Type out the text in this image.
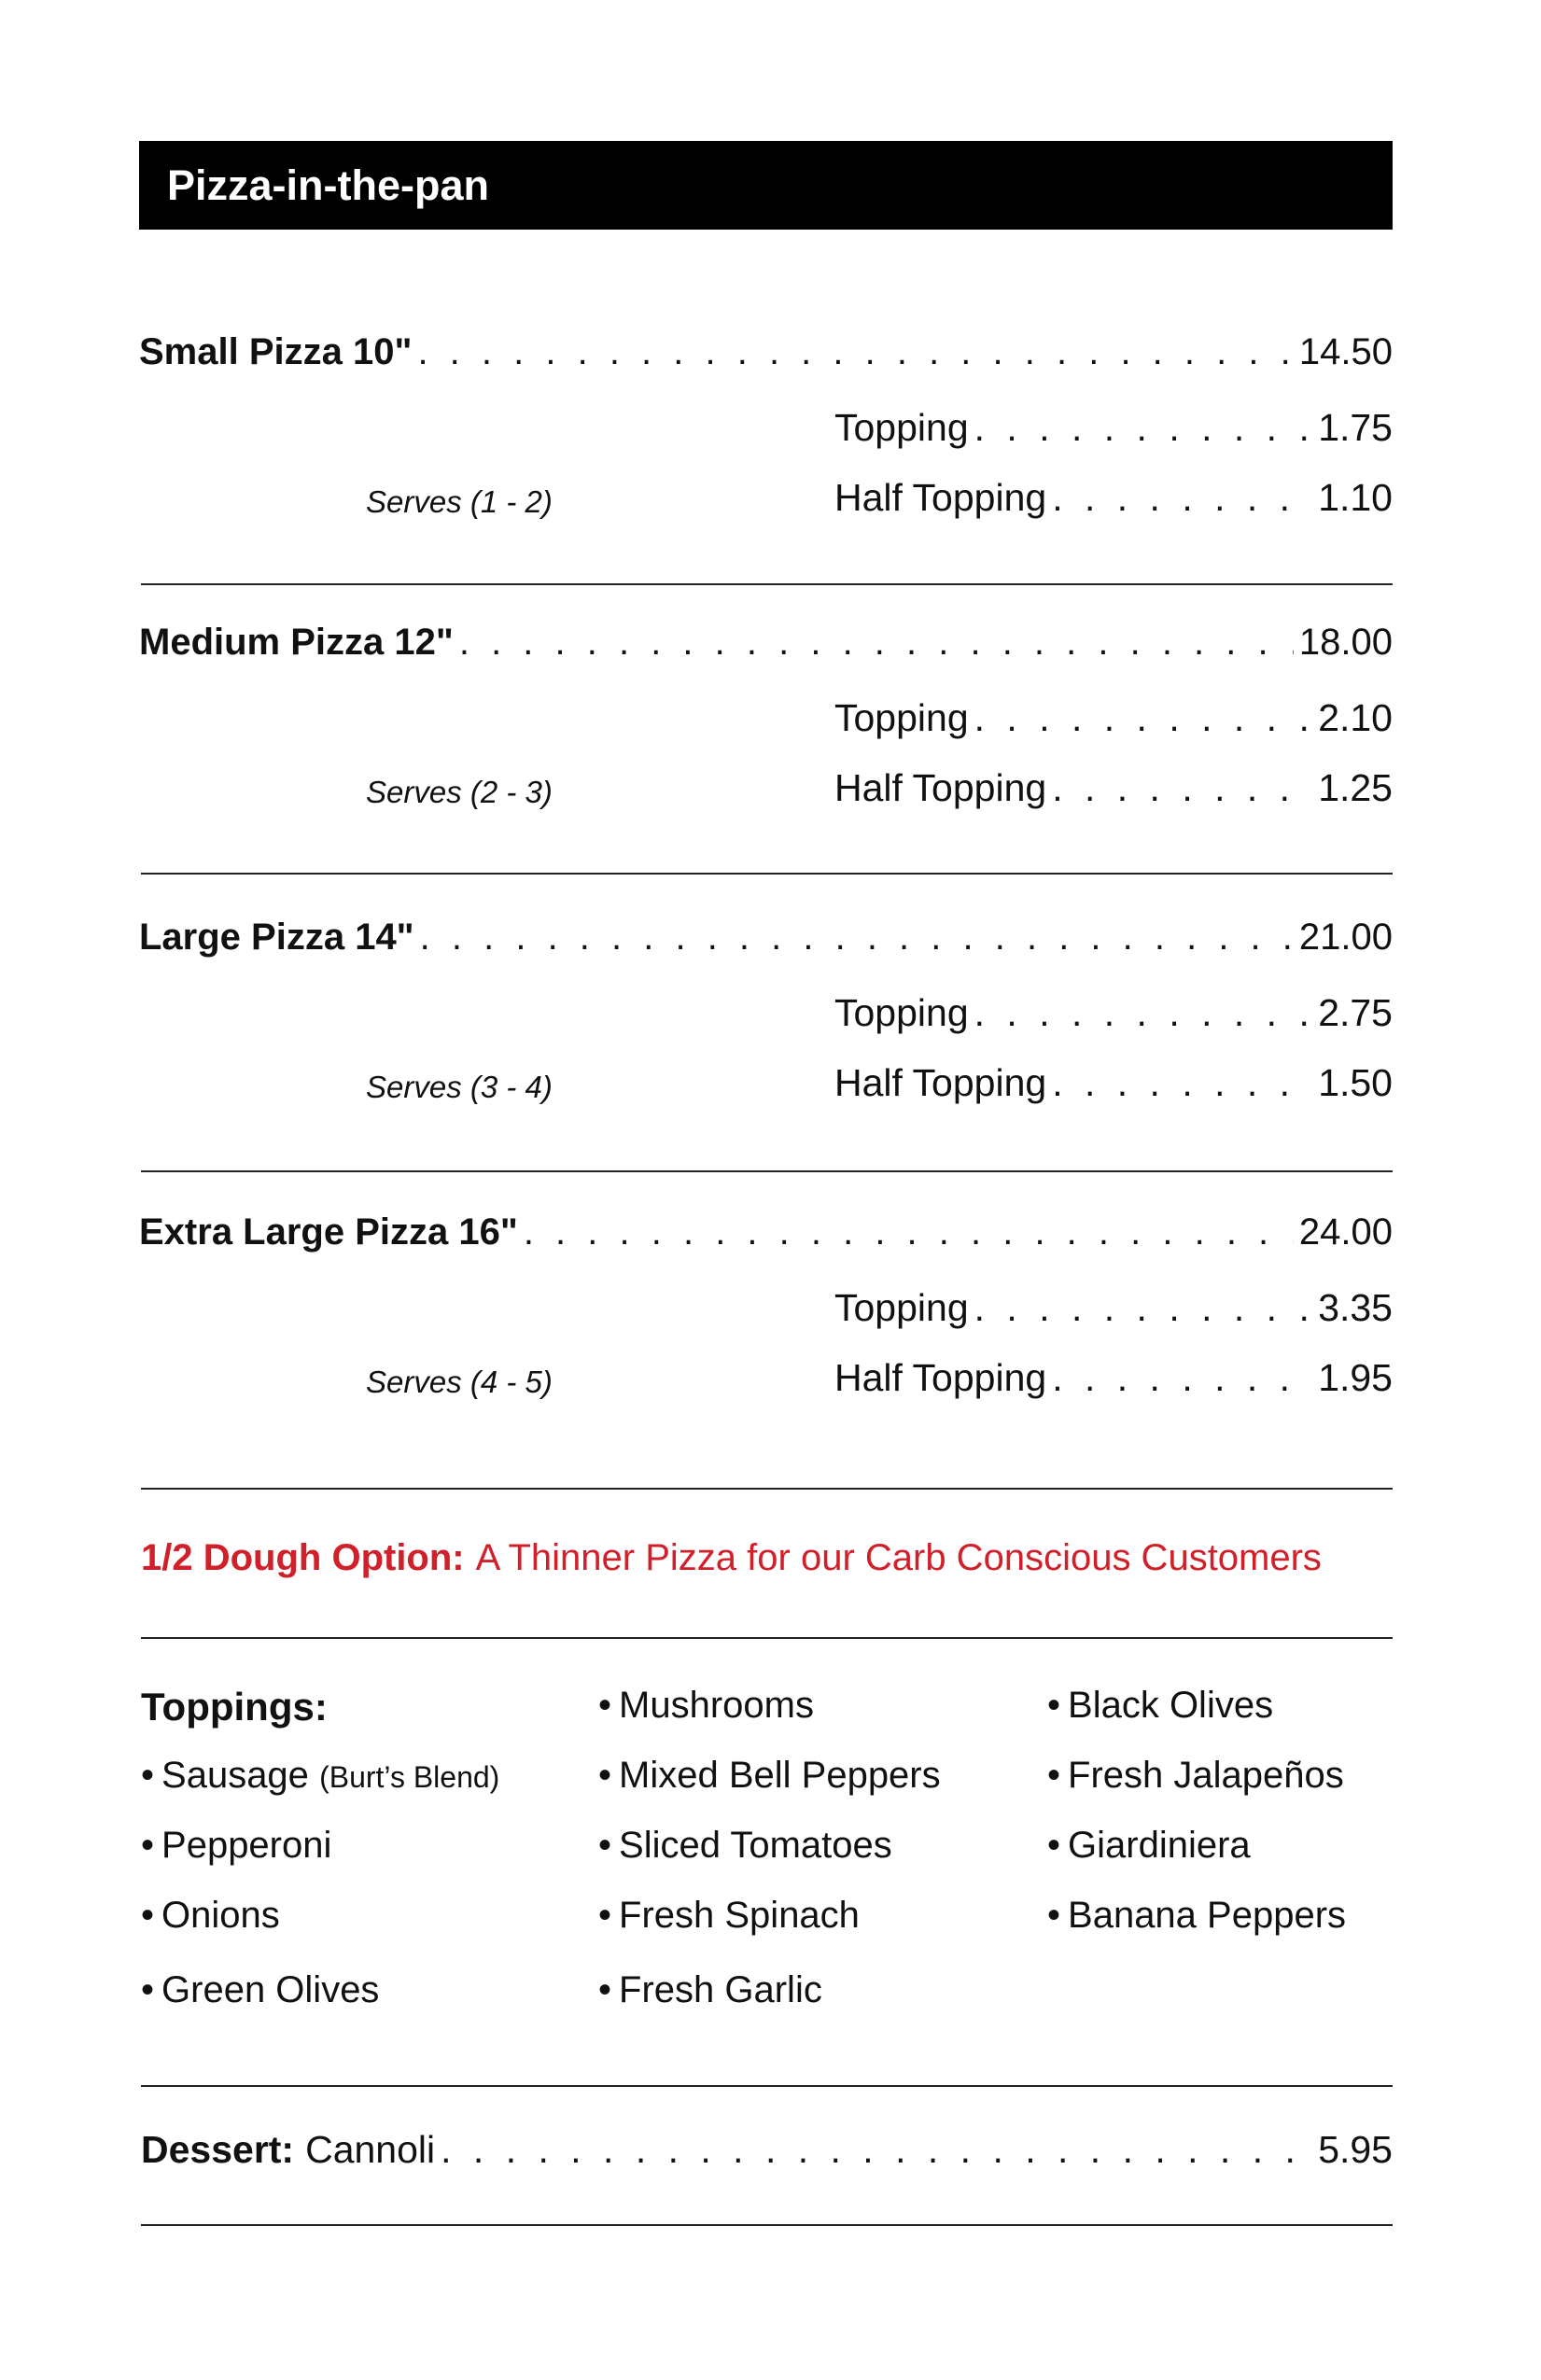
Pizza-in-the-pan
Small Pizza 10" . . .	14.50
Topping . . .	1.75
Half Topping . . .	1.10
Serves (1 - 2)
Medium Pizza 12" . . .	18.00
Topping . . .	2.10
Half Topping . . .	1.25
Serves (2 - 3)
Large Pizza 14" . . .	21.00
Topping . . .	2.75
Half Topping . . .	1.50
Serves (3 - 4)
Extra Large Pizza 16" . . .	24.00
Topping . . .	3.35
Half Topping . . .	1.95
Serves (4 - 5)
1/2 Dough Option: A Thinner Pizza for our Carb Conscious Customers
Toppings:
• Sausage (Burt’s Blend)
• Pepperoni
• Onions
• Green Olives
• Mushrooms
• Mixed Bell Peppers
• Sliced Tomatoes
• Fresh Spinach
• Fresh Garlic
• Black Olives
• Fresh Jalapeños
• Giardiniera
• Banana Peppers
Dessert: Cannoli . . .	5.95
